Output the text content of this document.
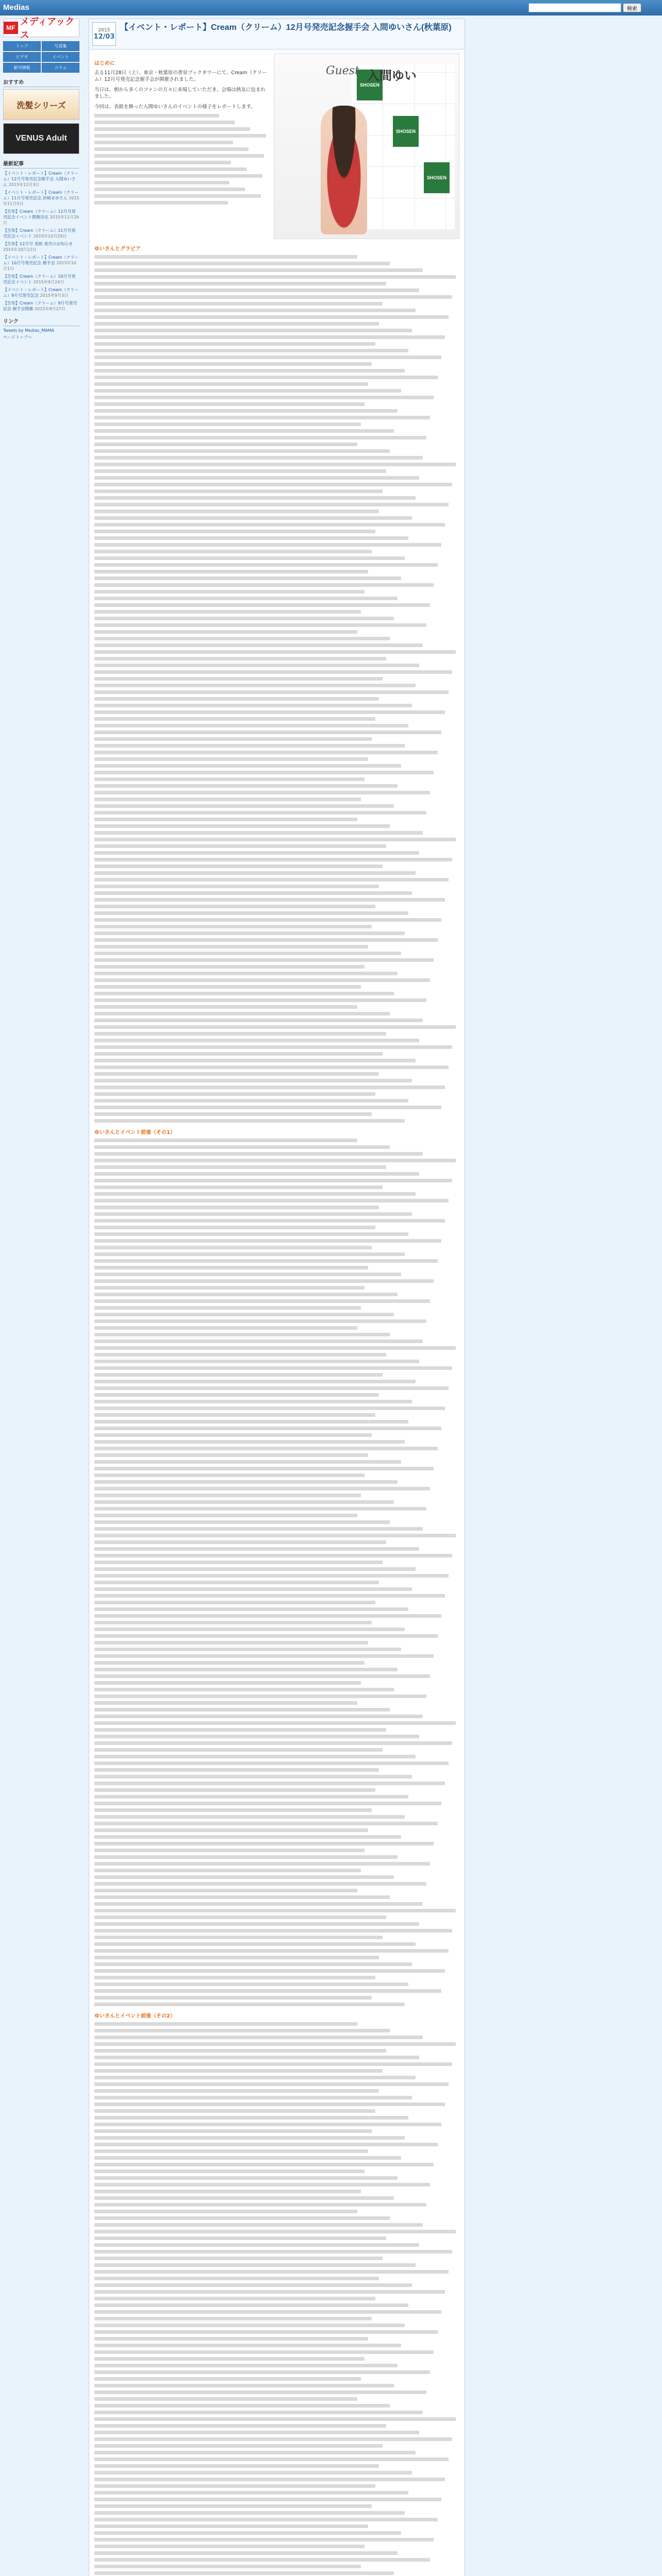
Medias	検索
MF
メディアックス
トップ	写真集
ビデオ	イベント
新刊情報	コラム
おすすめ
洗髪シリーズ
VENUS Adult
最新記事
【イベント・レポート】Cream（クリーム）12月号発売記念握手会 入間ゆいさん 2015年12月3日
【イベント・レポート】Cream（クリーム）11月号発売記念 浜崎まゆさん 2015年11月5日
【告知】Cream（クリーム）12月号発売記念イベント開催決定 2015年11月26日
【告知】Cream（クリーム）11月号発売記念イベント 2015年10月29日
【告知】12月号 表紙 発売のお知らせ 2015年10月22日
【イベント・レポート】Cream（クリーム）10月号発売記念 握手会 2015年10月1日
【告知】Cream（クリーム）10月号発売記念イベント 2015年9月24日
【イベント・レポート】Cream（クリーム）9月号発売記念 2015年9月3日
【告知】Cream（クリーム）9月号発売記念 握手会開催 2015年8月27日
リンク
Tweets by Medias_MAMA
ページトップへ
2015
12/03
【イベント・レポート】Cream（クリーム）12月号発売記念握手会 入間ゆいさん(秋葉原)
はじめに

去る11月28日（土）、東京・秋葉原の書泉ブックタワーにて、Cream（クリーム）12月号発売記念握手会が開催されました。

当日は、朝から多くのファンの方々に来場していただき、会場は熱気に包まれました。

今回は、表紙を飾った入間ゆいさんのイベントの様子をレポートします。

SHOSEN
SHOSEN
SHOSEN
Guest 入間ゆい
ゆいさんとグラビア
ゆいさんとイベント前後（その1）
ゆいさんとイベント前後（その2）
